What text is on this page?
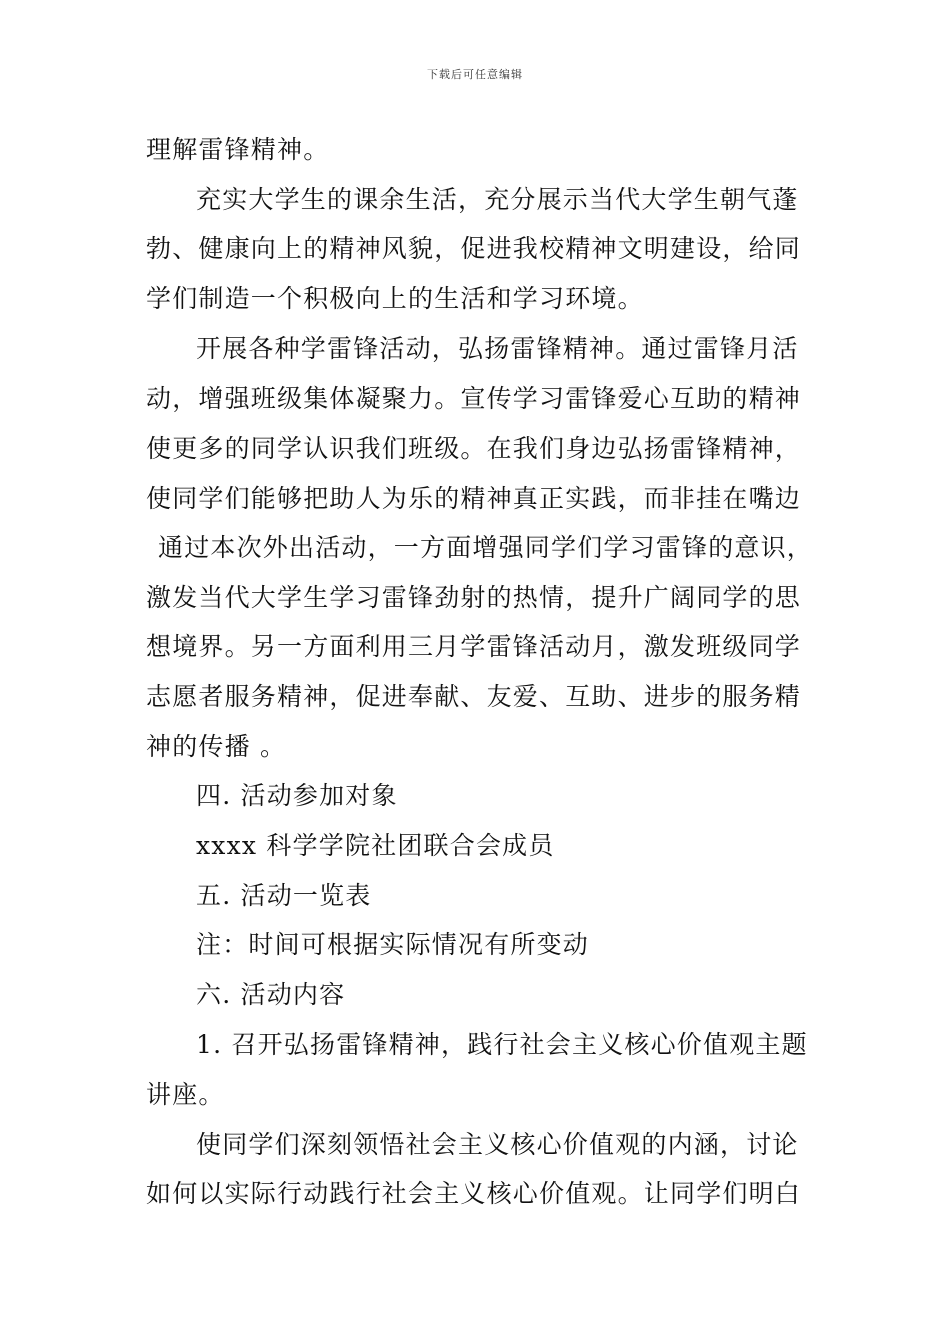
下载后可任意编辑
理解雷锋精神。
充实大学生的课余生活，充分展示当代大学生朝气蓬
勃、健康向上的精神风貌，促进我校精神文明建设，给同
学们制造一个积极向上的生活和学习环境。
开展各种学雷锋活动，弘扬雷锋精神。通过雷锋月活
动，增强班级集体凝聚力。宣传学习雷锋爱心互助的精神
使更多的同学认识我们班级。在我们身边弘扬雷锋精神，
使同学们能够把助人为乐的精神真正实践，而非挂在嘴边
通过本次外出活动，一方面增强同学们学习雷锋的意识，
激发当代大学生学习雷锋劲射的热情，提升广阔同学的思
想境界。另一方面利用三月学雷锋活动月，激发班级同学
志愿者服务精神，促进奉献、友爱、互助、进步的服务精
神的传播 。
四. 活动参加对象
xxxx 科学学院社团联合会成员
五. 活动一览表
注：时间可根据实际情况有所变动
六. 活动内容
1. 召开弘扬雷锋精神，践行社会主义核心价值观主题
讲座。
使同学们深刻领悟社会主义核心价值观的内涵，讨论
如何以实际行动践行社会主义核心价值观。让同学们明白
